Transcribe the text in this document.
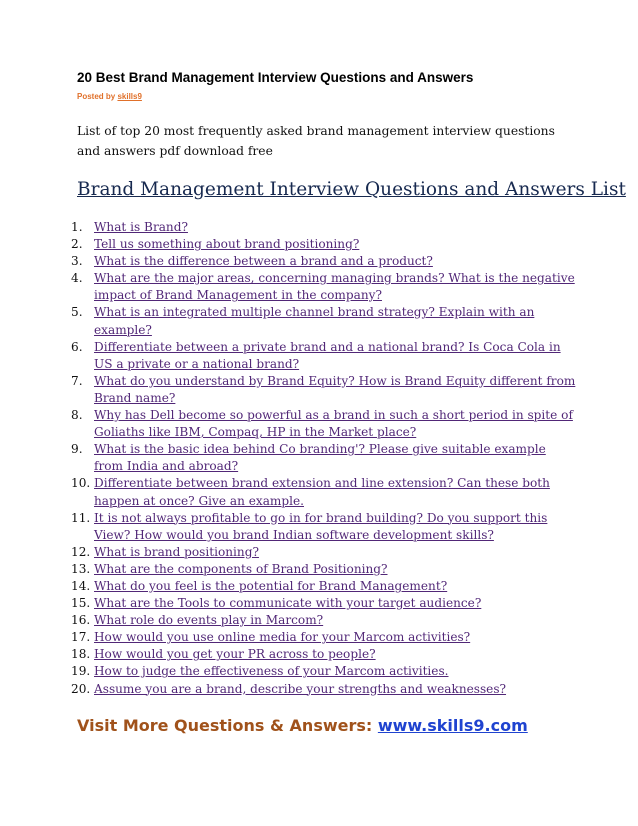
20 Best Brand Management Interview Questions and Answers
Posted by skills9

List of top 20 most frequently asked brand management interview questions and answers pdf download free

Brand Management Interview Questions and Answers List
1. What is Brand?
2. Tell us something about brand positioning?
3. What is the difference between a brand and a product?
4. What are the major areas, concerning managing brands? What is the negative impact of Brand Management in the company?
5. What is an integrated multiple channel brand strategy? Explain with an example?
6. Differentiate between a private brand and a national brand? Is Coca Cola in US a private or a national brand?
7. What do you understand by Brand Equity? How is Brand Equity different from Brand name?
8. Why has Dell become so powerful as a brand in such a short period in spite of Goliaths like IBM, Compaq, HP in the Market place?
9. What is the basic idea behind Co branding'? Please give suitable example from India and abroad?
10. Differentiate between brand extension and line extension? Can these both happen at once? Give an example.
11. It is not always profitable to go in for brand building? Do you support this View? How would you brand Indian software development skills?
12. What is brand positioning?
13. What are the components of Brand Positioning?
14. What do you feel is the potential for Brand Management?
15. What are the Tools to communicate with your target audience?
16. What role do events play in Marcom?
17. How would you use online media for your Marcom activities?
18. How would you get your PR across to people?
19. How to judge the effectiveness of your Marcom activities.
20. Assume you are a brand, describe your strengths and weaknesses?
Visit More Questions & Answers: www.skills9.com
